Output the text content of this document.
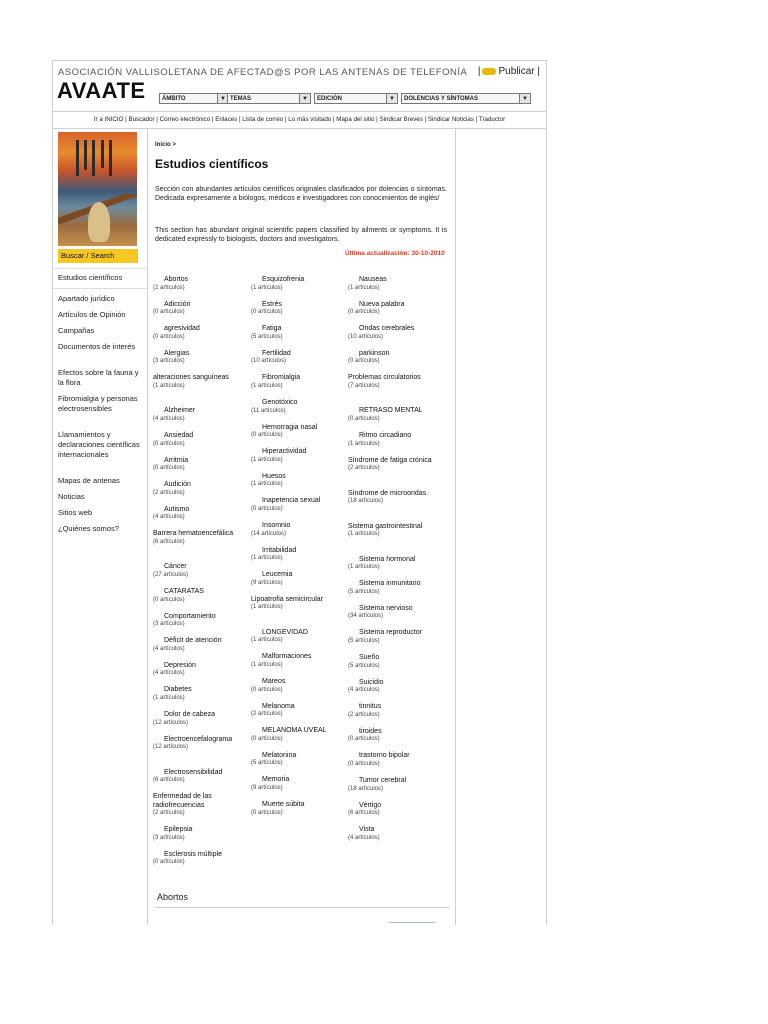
ASOCIACIÓN VALLISOLETANA DE AFECTAD@S POR LAS ANTENAS DE TELEFONÍA | Publicar |
AVAATE	ÁMBITO	▼ TEMAS	▼	EDICIÓN	▼	DOLENCIAS Y SÍNTOMAS	▼
Ir a INICIO | Buscador | Correo electrónico | Enlaces | Lista de correo | Lo más visitado | Mapa del sitio | Sindicar Breves | Sindicar Noticias | Traductor
Buscar / Search
Estudios científicos
Apartado jurídico
Artículos de Opinión
Campañas
Documentos de interés
Efectos sobre la fauna y la flora
Fibromialgia y personas electrosensibles
Llamamientos y declaraciones científicas internacionales
Mapas de antenas
Noticias
Sitios web
¿Quiénes somos?
Inicio >
Estudios científicos
Sección con abundantes artículos científicos originales clasificados por dolencias o síntomas. Dedicada expresamente a biólogos, médicos e investigadores con conocimientos de inglés/
This section has abundant original scientific papers classified by ailments or symptoms. It is dedicated expressly to biologists, doctors and investigators.
Última actualización: 30-10-2010
Abortos
(2 artículos)
Adicción
(0 artículos)
agresividad
(0 artículos)
Alergias
(3 artículos)
alteraciones sanguíneas
(1 artículos)
Alzheimer
(4 artículos)
Ansiedad
(0 artículos)
Arritmia
(0 artículos)
Audición
(2 artículos)
Autismo
(4 artículos)
Barrera hematoencefálica
(6 artículos)
Cáncer
(27 artículos)
CATARATAS
(0 artículos)
Comportamiento
(3 artículos)
Déficit de atención
(4 artículos)
Depresión
(4 artículos)
Diabetes
(1 artículos)
Dolor de cabeza
(12 artículos)
Electroencefalograma
(12 artículos)
Electrosensibilidad
(6 artículos)
Enfermedad de las radiofrecuencias
(2 artículos)
Epilepsia
(3 artículos)
Esclerosis múltiple
(0 artículos)
Esquizofrenia
(1 artículos)
Estrés
(0 artículos)
Fatiga
(5 artículos)
Fertilidad
(10 artículos)
Fibromialgia
(1 artículos)
Genotóxico
(11 artículos)
Hemorragia nasal
(0 artículos)
Hiperactividad
(1 artículos)
Huesos
(1 artículos)
Inapetencia sexual
(0 artículos)
Insomnio
(14 artículos)
Irritabilidad
(1 artículos)
Leucemia
(9 artículos)
Lipoatrofia semicircular
(1 artículos)
LONGEVIDAD
(1 artículos)
Malformaciones
(1 artículos)
Mareos
(0 artículos)
Melanoma
(2 artículos)
MELANOMA UVEAL
(0 artículos)
Melatonina
(5 artículos)
Memoria
(9 artículos)
Muerte súbita
(0 artículos)
Nauseas
(1 artículos)
Nueva palabra
(0 artículos)
Ondas cerebrales
(10 artículos)
parkinson
(0 artículos)
Problemas circulatorios
(7 artículos)
RETRASO MENTAL
(0 artículos)
Ritmo circadiano
(1 artículos)
Síndrome de fatiga crónica
(2 artículos)
Síndrome de microondas
(18 artículos)
Sistema gastrointestinal
(1 artículos)
Sistema hormonal
(1 artículos)
Sistema inmunitario
(5 artículos)
Sistema nervioso
(34 artículos)
Sistema reproductor
(5 artículos)
Sueño
(5 artículos)
Suicidio
(4 artículos)
tinnitus
(2 artículos)
tiroides
(0 artículos)
trastorno bipolar
(0 artículos)
Tumor cerebral
(18 artículos)
Vértigo
(6 artículos)
Vista
(4 artículos)
Abortos
